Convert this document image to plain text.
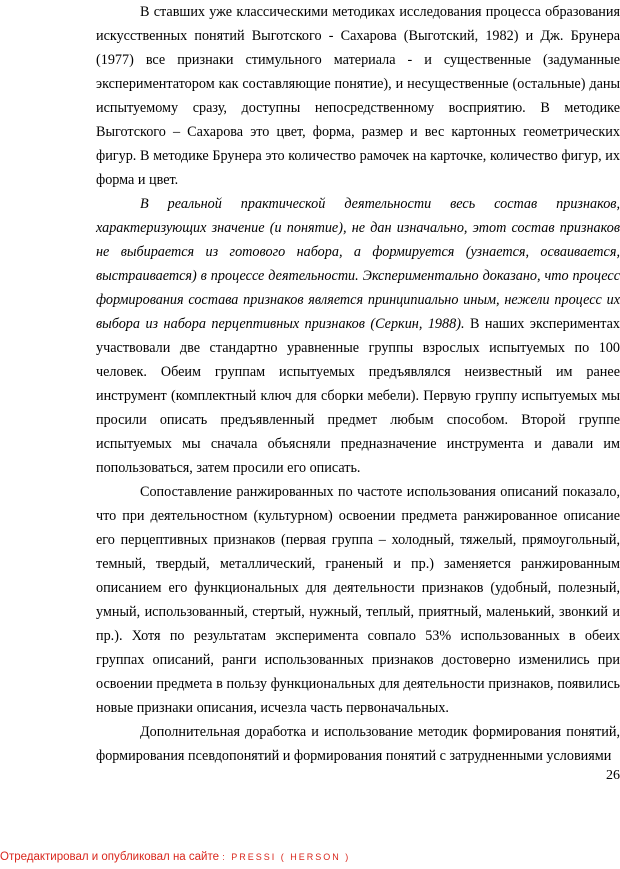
В ставших уже классическими методиках исследования процесса образования искусственных понятий Выготского - Сахарова (Выготский, 1982) и Дж. Брунера (1977) все признаки стимульного материала - и существенные (задуманные экспериментатором как составляющие понятие), и несущественные (остальные) даны испытуемому сразу, доступны непосредственному восприятию. В методике Выготского – Сахарова это цвет, форма, размер и вес картонных геометрических фигур. В методике Брунера это количество рамочек на карточке, количество фигур, их форма и цвет.

В реальной практической деятельности весь состав признаков, характеризующих значение (и понятие), не дан изначально, этот состав признаков не выбирается из готового набора, а формируется (узнается, осваивается, выстраивается) в процессе деятельности. Экспериментально доказано, что процесс формирования состава признаков является принципиально иным, нежели процесс их выбора из набора перцептивных признаков (Серкин, 1988). В наших экспериментах участвовали две стандартно уравненные группы взрослых испытуемых по 100 человек. Обеим группам испытуемых предъявлялся неизвестный им ранее инструмент (комплектный ключ для сборки мебели). Первую группу испытуемых мы просили описать предъявленный предмет любым способом. Второй группе испытуемых мы сначала объясняли предназначение инструмента и давали им попользоваться, затем просили его описать.

Сопоставление ранжированных по частоте использования описаний показало, что при деятельностном (культурном) освоении предмета ранжированное описание его перцептивных признаков (первая группа – холодный, тяжелый, прямоугольный, темный, твердый, металлический, граненый и пр.) заменяется ранжированным описанием его функциональных для деятельности признаков (удобный, полезный, умный, использованный, стертый, нужный, теплый, приятный, маленький, звонкий и пр.). Хотя по результатам эксперимента совпало 53% использованных в обеих группах описаний, ранги использованных признаков достоверно изменились при освоении предмета в пользу функциональных для деятельности признаков, появились новые признаки описания, исчезла часть первоначальных.

Дополнительная доработка и использование методик формирования понятий, формирования псевдопонятий и формирования понятий с затрудненными условиями

26
Отредактировал и опубликовал на сайте : PRESSI ( HERSON )
